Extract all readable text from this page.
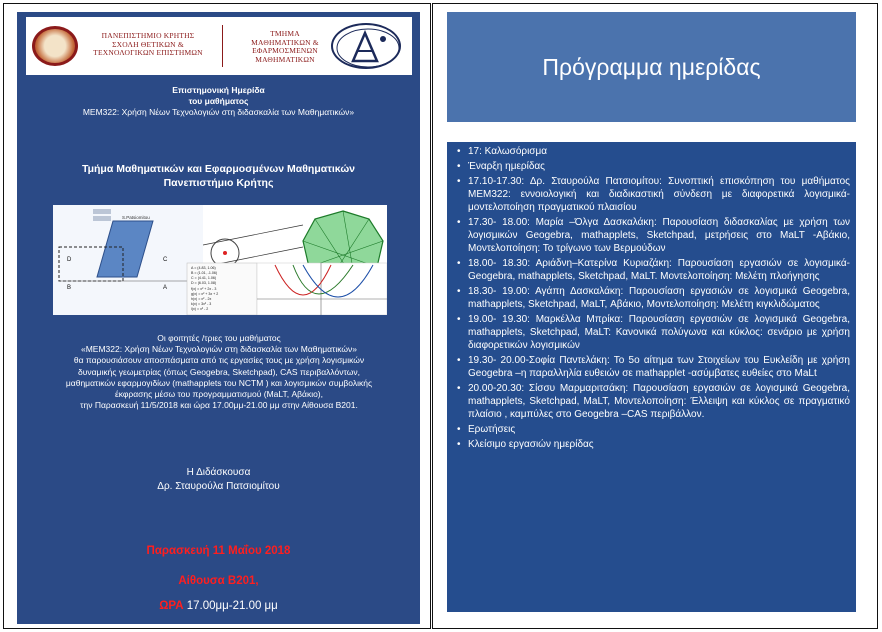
ΠΑΝΕΠΙΣΤΗΜΙΟ ΚΡΗΤΗΣ
ΣΧΟΛΗ ΘΕΤΙΚΩΝ &
ΤΕΧΝΟΛΟΓΙΚΩΝ ΕΠΙΣΤΗΜΩΝ
ΤΜΗΜΑ
ΜΑΘΗΜΑΤΙΚΩΝ &
ΕΦΑΡΜΟΣΜΕΝΩΝ
ΜΑΘΗΜΑΤΙΚΩΝ
Επιστημονική Ημερίδα
του μαθήματος
ΜΕΜ322: Χρήση Νέων Τεχνολογιών στη διδασκαλία των Μαθηματικών»
Τμήμα Μαθηματικών και Εφαρμοσμένων Μαθηματικών
Πανεπιστήμιο Κρήτης
S.Patsiomitou
D	C
B	A
A = (4.83, 1.06)
B = (1.01, -1.06)
C = (4.41, 1.06)
D = (6.03, 1.08)
f(x) = x² + 2x - 3
g(x) = x² + 3x + 2
h(x) = x² - 2x
k(x) = 3x² - 3
l(x) = x² - 2
Οι φοιτητές /τριες του μαθήματος
«ΜΕΜ322: Χρήση Νέων Τεχνολογιών στη διδασκαλία των Μαθηματικών»
θα παρουσιάσουν αποσπάσματα από τις εργασίες τους με χρήση λογισμικών
δυναμικής γεωμετρίας (όπως Geogebra, Sketchpad), CAS περιβαλλόντων,
μαθηματικών εφαρμογιδίων (mathapplets του NCTM ) και λογισμικών συμβολικής
έκφρασης μέσω του προγραμματισμού (MaLT, Αβάκιο),
την Παρασκευή 11/5/2018 και ώρα 17.00μμ-21.00 μμ στην Αίθουσα Β201.
Η Διδάσκουσα
Δρ. Σταυρούλα Πατσιομίτου
Παρασκευή 11 Μαΐου 2018
Αίθουσα Β201,
ΩΡΑ 17.00μμ-21.00 μμ
Πρόγραμμα ημερίδας
• 17: Καλωσόρισμα
• Έναρξη ημερίδας
• 17.10-17.30: Δρ. Σταυρούλα Πατσιομίτου: Συνοπτική επισκόπηση του μαθήματος ΜΕΜ322: εννοιολογική και διαδικαστική σύνδεση με διαφορετικά λογισμικά- μοντελοποίηση πραγματικού πλαισίου
• 17.30- 18.00: Μαρία –Όλγα Δασκαλάκη: Παρουσίαση διδασκαλίας με χρήση των λογισμικών Geogebra, mathapplets, Sketchpad, μετρήσεις στο MaLT -Αβάκιο, Μοντελοποίηση: Το τρίγωνο των Βερμούδων
• 18.00- 18.30: Αριάδνη–Κατερίνα Κυριαζάκη: Παρουσίαση εργασιών σε λογισμικά- Geogebra, mathapplets, Sketchpad, MaLT. Μοντελοποίηση: Μελέτη πλοήγησης
• 18.30- 19.00: Αγάπη Δασκαλάκη: Παρουσίαση εργασιών σε λογισμικά Geogebra, mathapplets, Sketchpad, MaLT, Αβάκιο, Μοντελοποίηση: Μελέτη κιγκλιδώματος
• 19.00- 19.30: Μαρκέλλα Μπρίκα: Παρουσίαση εργασιών σε λογισμικά Geogebra, mathapplets, Sketchpad, MaLT: Κανονικά πολύγωνα και κύκλος: σενάριο με χρήση διαφορετικών λογισμικών
• 19.30- 20.00-Σοφία Παντελάκη: Το 5ο αίτημα των Στοιχείων του Ευκλείδη με χρήση Geogebra –η παραλληλία ευθειών σε mathapplet -ασύμβατες ευθείες στο MaLt
• 20.00-20.30: Σίσσυ Μαρμαριτσάκη: Παρουσίαση εργασιών σε λογισμικά Geogebra, mathapplets, Sketchpad, MaLT, Μοντελοποίηση: Έλλειψη και κύκλος σε πραγματικό πλαίσιο , καμπύλες στο Geogebra –CAS περιβάλλον.
• Ερωτήσεις
• Κλείσιμο εργασιών ημερίδας
